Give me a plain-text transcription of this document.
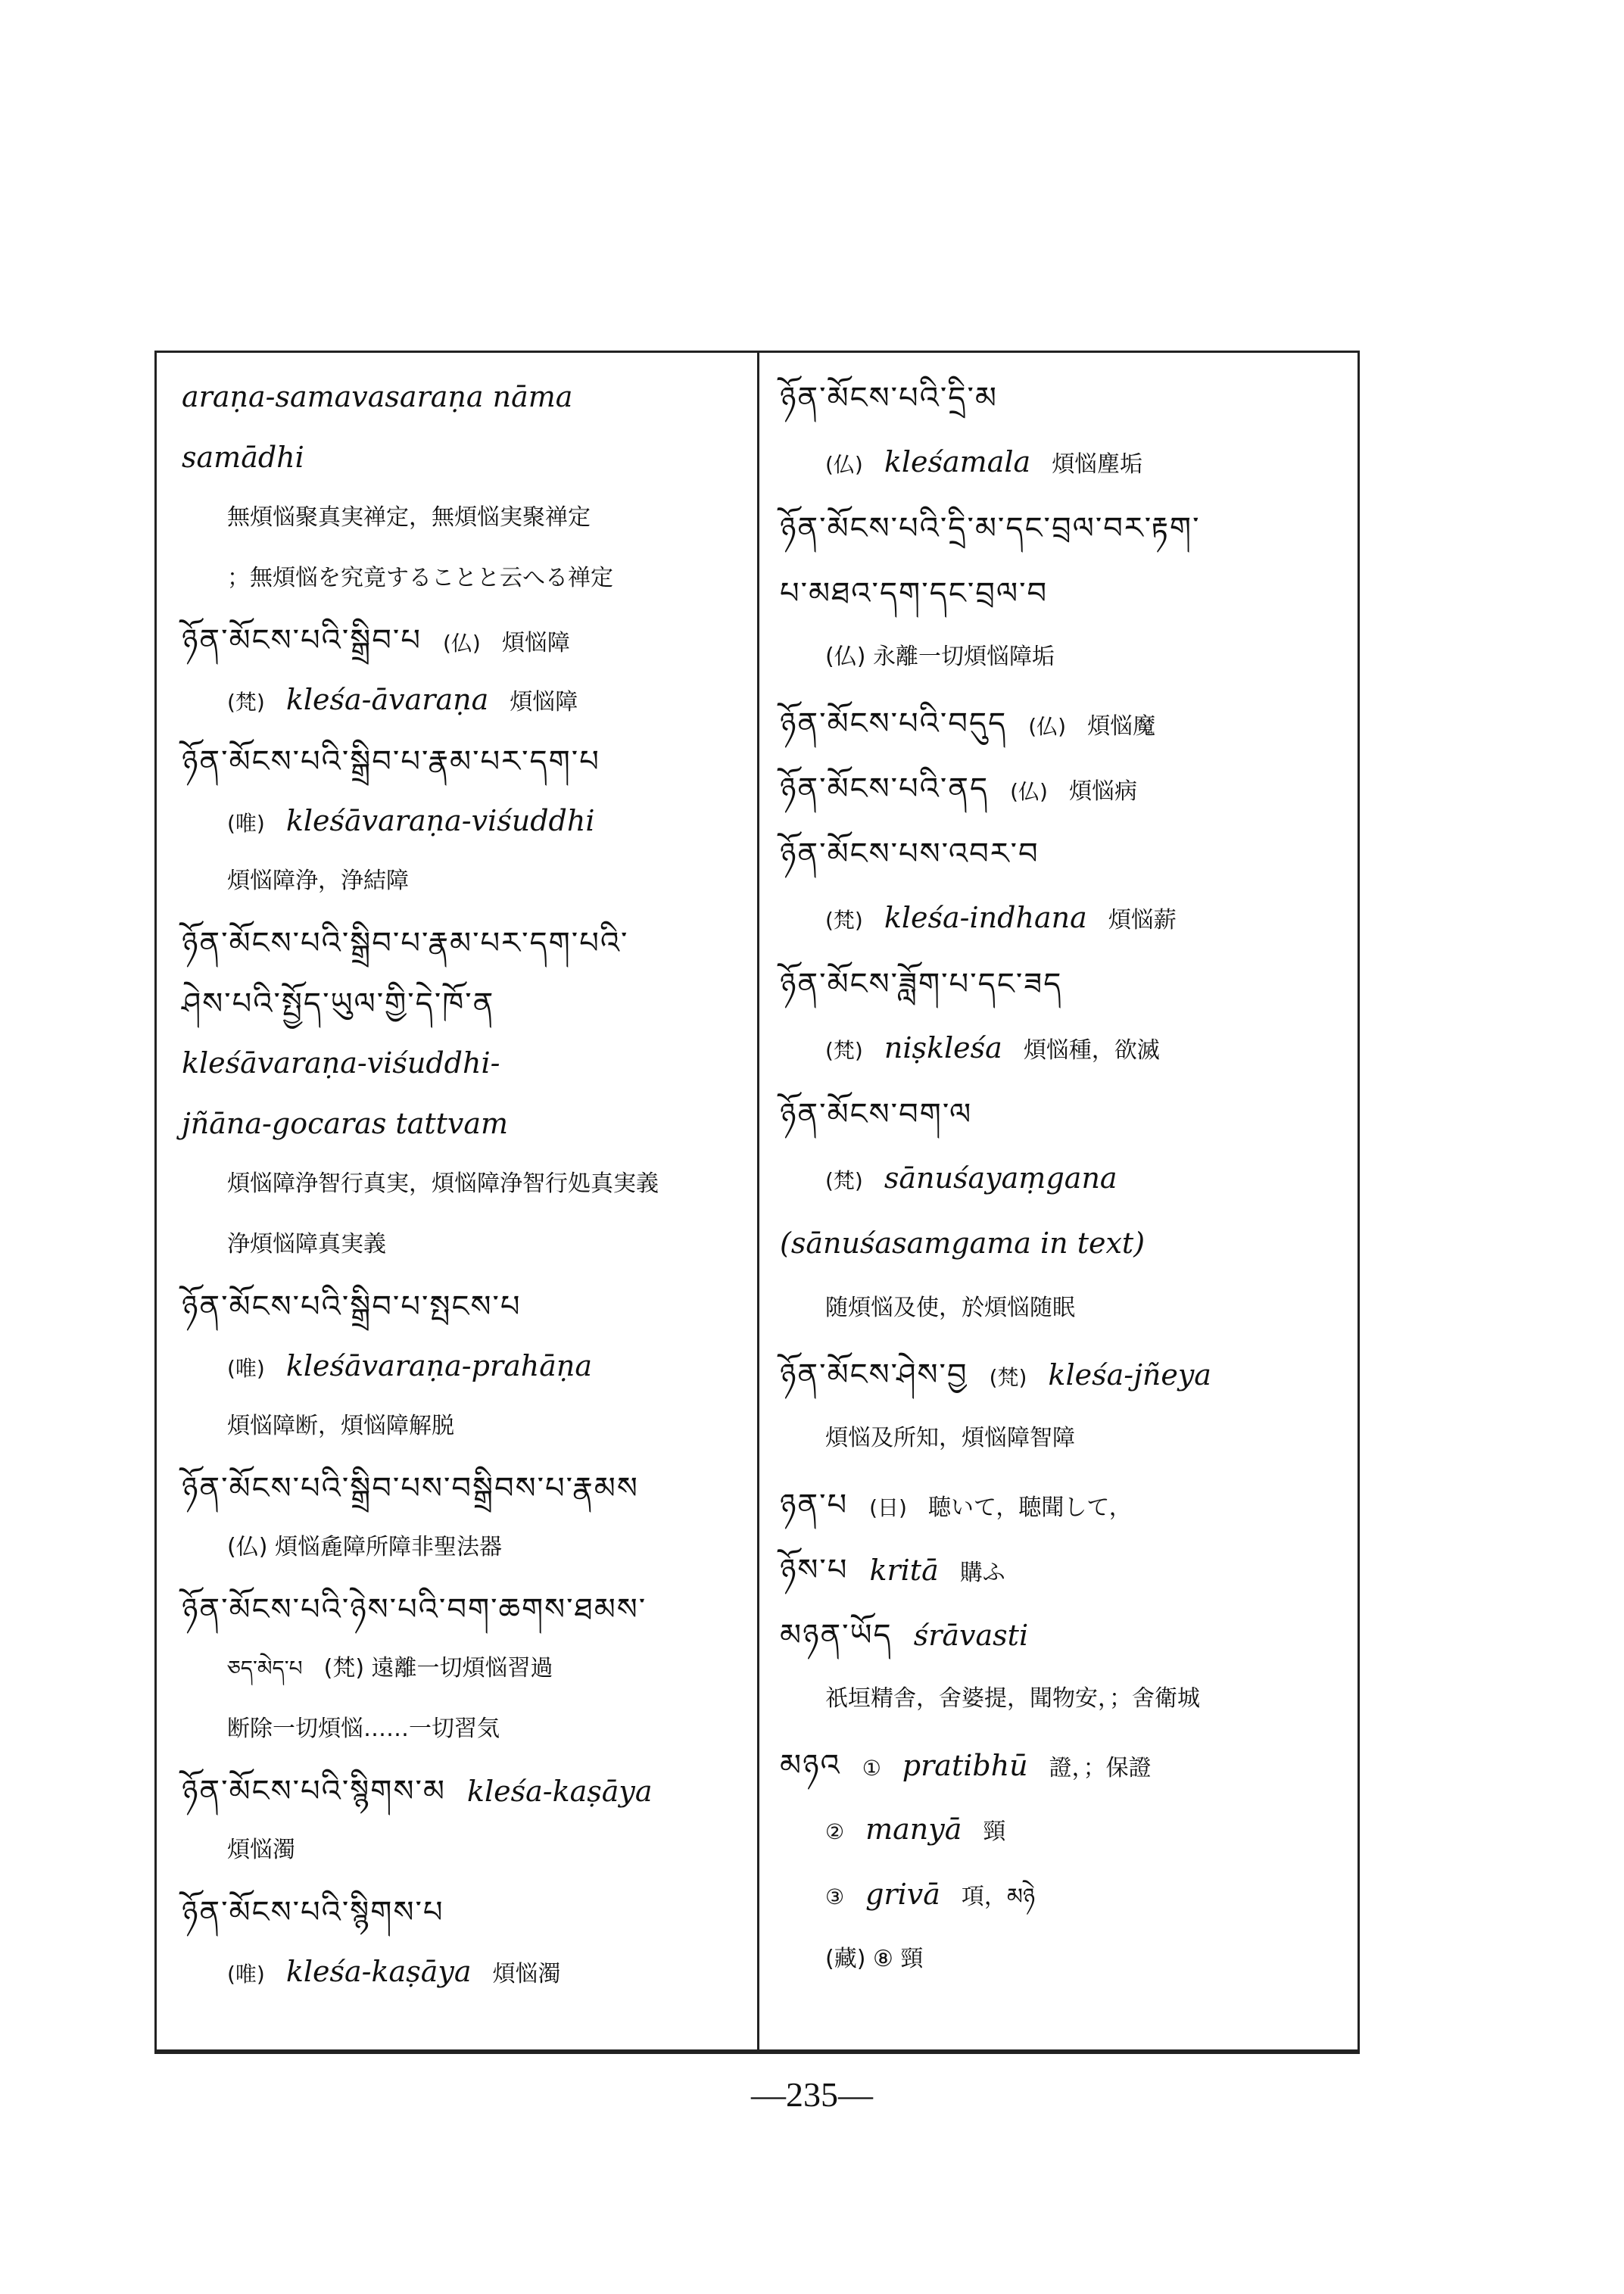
araṇa-samavasaraṇa nāma
samādhi
無煩悩聚真実禅定，無煩悩実聚禅定
；無煩悩を究竟することと云へる禅定
ཉོན་མོངས་པའི་སྒྲིབ་པ (仏) 煩悩障
(梵) kleśa-āvaraṇa 煩悩障
ཉོན་མོངས་པའི་སྒྲིབ་པ་རྣམ་པར་དག་པ
(唯) kleśāvaraṇa-viśuddhi
煩悩障浄，浄結障
ཉོན་མོངས་པའི་སྒྲིབ་པ་རྣམ་པར་དག་པའི་
ཤེས་པའི་སྤྱོད་ཡུལ་གྱི་དེ་ཁོ་ན
kleśāvaraṇa-viśuddhi-
jñāna-gocaras tattvam
煩悩障浄智行真実，煩悩障浄智行処真実義
浄煩悩障真実義
ཉོན་མོངས་པའི་སྒྲིབ་པ་སྤངས་པ
(唯) kleśāvaraṇa-prahāṇa
煩悩障断，煩悩障解脱
ཉོན་མོངས་པའི་སྒྲིབ་པས་བསྒྲིབས་པ་རྣམས
(仏) 煩悩麁障所障非聖法器
ཉོན་མོངས་པའི་ཉེས་པའི་བག་ཆགས་ཐམས་
ཅད་མེད་པ (梵) 遠離一切煩悩習過
断除一切煩悩……一切習気
ཉོན་མོངས་པའི་སྙིགས་མ kleśa-kaṣāya
煩悩濁
ཉོན་མོངས་པའི་སྙིགས་པ
(唯) kleśa-kaṣāya 煩悩濁
ཉོན་མོངས་པའི་དྲི་མ
(仏) kleśamala 煩悩塵垢
ཉོན་མོངས་པའི་དྲི་མ་དང་བྲལ་བར་རྟག་
པ་མཐའ་དག་དང་བྲལ་བ
(仏) 永離一切煩悩障垢
ཉོན་མོངས་པའི་བདུད (仏) 煩悩魔
ཉོན་མོངས་པའི་ནད (仏) 煩悩病
ཉོན་མོངས་པས་འབར་བ
(梵) kleśa-indhana 煩悩薪
ཉོན་མོངས་ཟློག་པ་དང་ཟད
(梵) niṣkleśa 煩悩種，欲滅
ཉོན་མོངས་བག་ལ
(梵) sānuśayaṃgana
(sānuśasamgama in text)
随煩悩及使，於煩悩随眠
ཉོན་མོངས་ཤེས་བྱ (梵) kleśa-jñeya
煩悩及所知，煩悩障智障
ཉན་པ (日) 聴いて，聴聞して，
ཉོས་པ kritā 購ふ
མཉན་ཡོད śrāvasti
祇垣精舎，舍婆提，聞物安，；舍衛城
མཉའ ① pratibhū 證，；保證
② manyā 頸
③ grivā 項，མཉེ
(藏) ⑧ 頸
—235—
